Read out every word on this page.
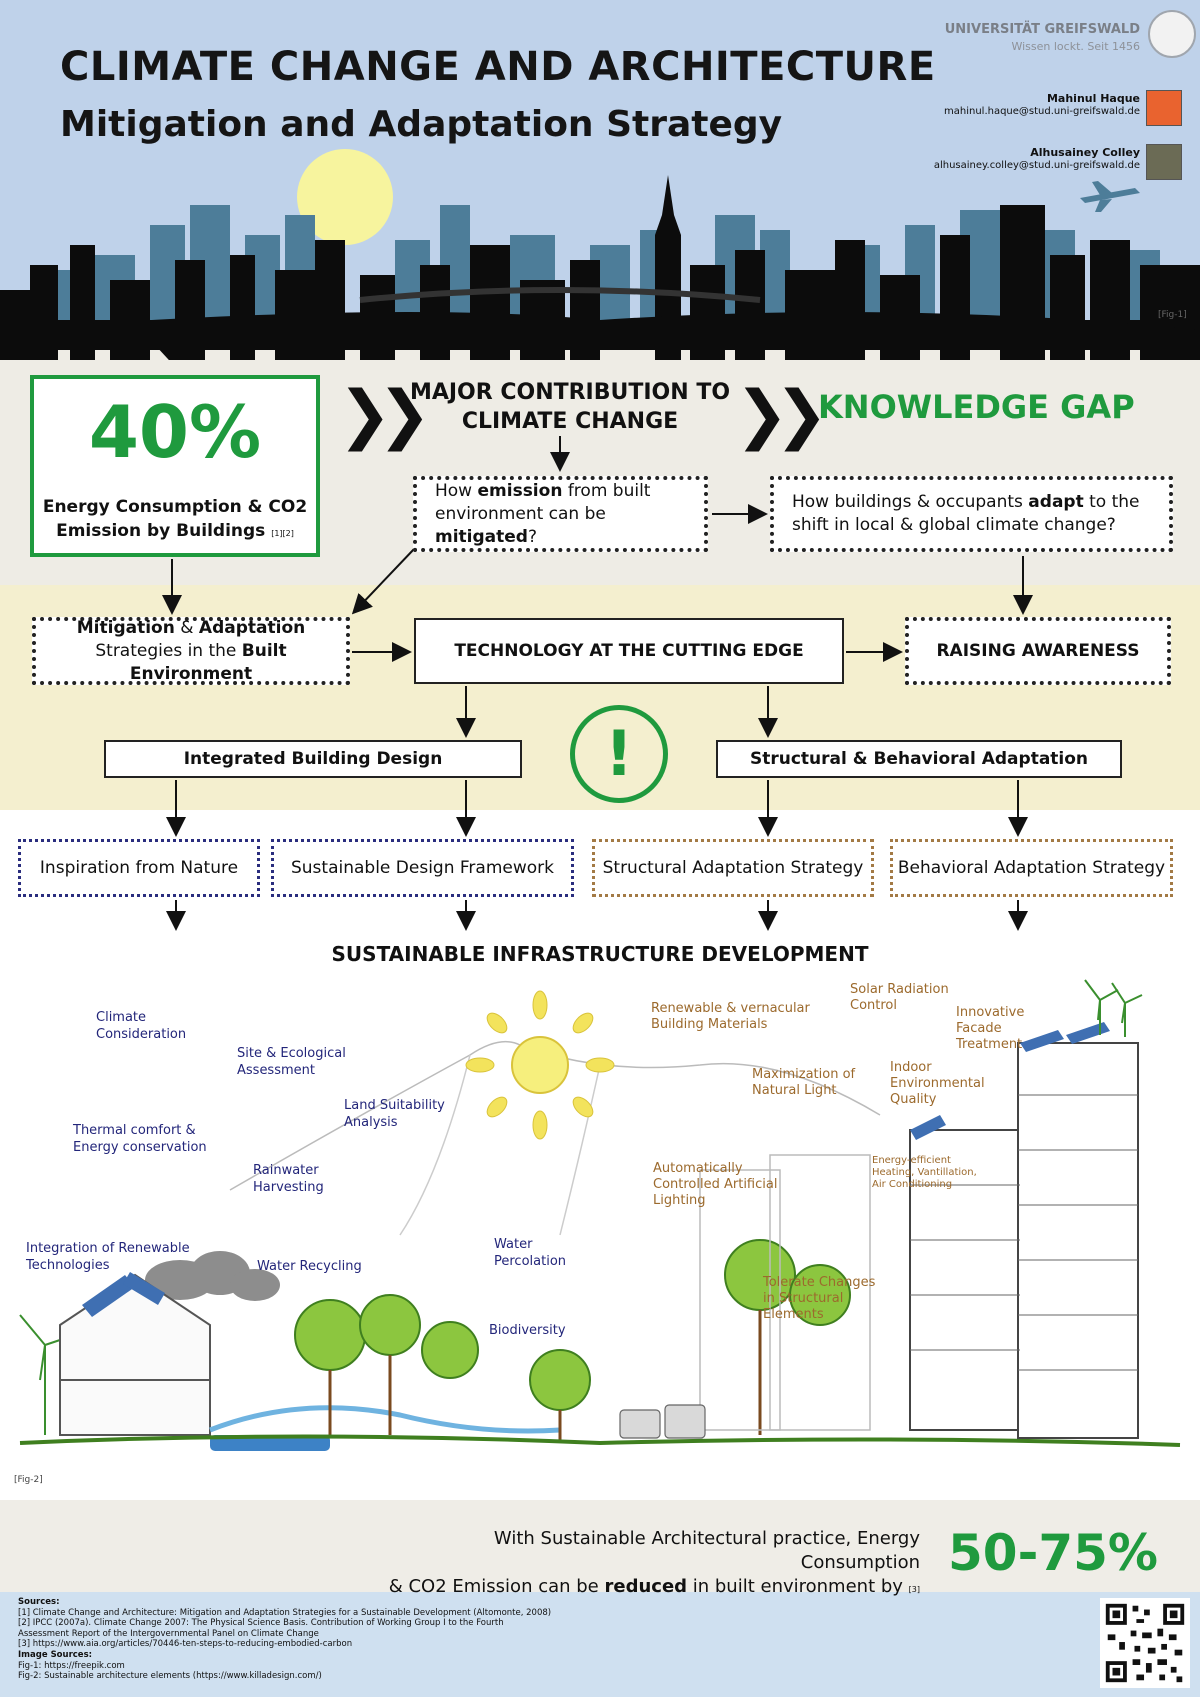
CLIMATE CHANGE AND ARCHITECTURE
Mitigation and Adaptation Strategy
UNIVERSITÄT GREIFSWALD
Wissen lockt. Seit 1456
Mahinul Haque
mahinul.haque@stud.uni-greifswald.de
Alhusainey Colley
alhusainey.colley@stud.uni-greifswald.de
[Fig-1]
40%
Energy Consumption & CO2 Emission by Buildings [1][2]
❯❯
MAJOR CONTRIBUTION TO CLIMATE CHANGE ❯❯ KNOWLEDGE GAP
How emission from built environment can be mitigated?
How buildings & occupants adapt to the shift in local & global climate change?
Mitigation & Adaptation Strategies in the Built Environment
TECHNOLOGY AT THE CUTTING EDGE	RAISING AWARENESS
!
Integrated Building Design	Structural & Behavioral Adaptation
Inspiration from Nature	Sustainable Design Framework	Structural Adaptation Strategy	Behavioral Adaptation Strategy
SUSTAINABLE INFRASTRUCTURE DEVELOPMENT
Climate Consideration
Site & Ecological Assessment
Land Suitability Analysis
Thermal comfort & Energy conservation
Rainwater Harvesting
Integration of Renewable Technologies	Water Recycling
Water Percolation
Biodiversity
Renewable & vernacular Building Materials
Solar Radiation Control	Innovative Facade Treatment
Maximization of Natural Light
Indoor Environmental Quality
Automatically Controlled Artificial Lighting
Energy-efficient Heating, Vantillation, Air Conditioning
Tolerate Changes in Structural Elements
[Fig-2]
With Sustainable Architectural practice, Energy Consumption
& CO2 Emission can be reduced in built environment by [3]
50-75%
Sources:
[1] Climate Change and Architecture: Mitigation and Adaptation Strategies for a Sustainable Development (Altomonte, 2008)
[2] IPCC (2007a). Climate Change 2007: The Physical Science Basis. Contribution of Working Group I to the Fourth
Assessment Report of the Intergovernmental Panel on Climate Change
[3] https://www.aia.org/articles/70446-ten-steps-to-reducing-embodied-carbon
Image Sources:
Fig-1: https://freepik.com
Fig-2: Sustainable architecture elements (https://www.killadesign.com/)
